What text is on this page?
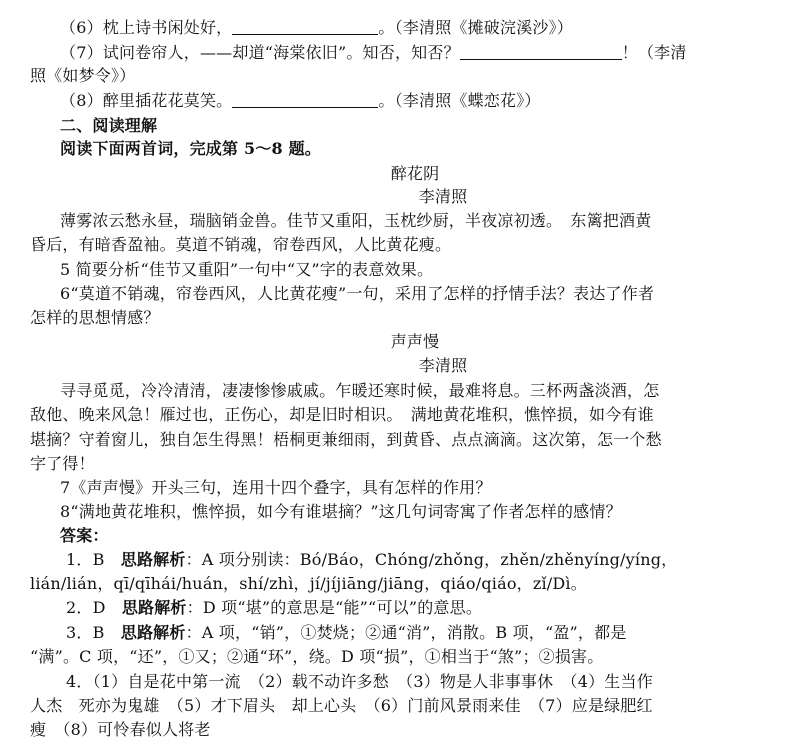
（6）枕上诗书闲处好，	。（李清照《摊破浣溪沙》）
（7）试问卷帘人，——却道“海棠依旧”。知否，知否？	！（李清
照《如梦令》）
（8）醉里插花花莫笑。	。（李清照《蝶恋花》）
二、阅读理解
阅读下面两首词，完成第 5～8 题。
醉花阴
李清照
薄雾浓云愁永昼，瑞脑销金兽。佳节又重阳，玉枕纱厨，半夜凉初透。　东篱把酒黄
昏后，有暗香盈袖。莫道不销魂，帘卷西风，人比黄花瘦。
5 简要分析“佳节又重阳”一句中“又”字的表意效果。
6“莫道不销魂，帘卷西风，人比黄花瘦”一句，采用了怎样的抒情手法？表达了作者
怎样的思想情感？
声声慢
李清照
寻寻觅觅，冷冷清清，凄凄惨惨戚戚。乍暖还寒时候，最难将息。三杯两盏淡酒，怎
敌他、晚来风急！雁过也，正伤心，却是旧时相识。　满地黄花堆积，憔悴损，如今有谁
堪摘？守着窗儿，独自怎生得黑！梧桐更兼细雨，到黄昏、点点滴滴。这次第，怎一个愁
字了得！
7《声声慢》开头三句，连用十四个叠字，具有怎样的作用？
8“满地黄花堆积，憔悴损，如今有谁堪摘？”这几句词寄寓了作者怎样的感情？
答案：
1．B　思路解析：A 项分别读：Bó/Báo，Chóng/zhǒng，zhěn/zhěnyíng/yíng，
lián/lián，qī/qīhái/huán，shí/zhì，jí/jíjiāng/jiāng，qiáo/qiáo，zǐ/Dì。
2．D　思路解析：D 项“堪”的意思是“能”“可以”的意思。
3．B　思路解析：A 项，“销”，①焚烧；②通“消”，消散。B 项，“盈”，都是
“满”。C 项，“还”，①又；②通“环”，绕。D 项“损”，①相当于“煞”；②损害。
4．（1）自是花中第一流　（2）载不动许多愁　（3）物是人非事事休　（4）生当作
人杰　死亦为鬼雄　（5）才下眉头　却上心头　（6）门前风景雨来佳　（7）应是绿肥红
瘦　（8）可怜春似人将老
